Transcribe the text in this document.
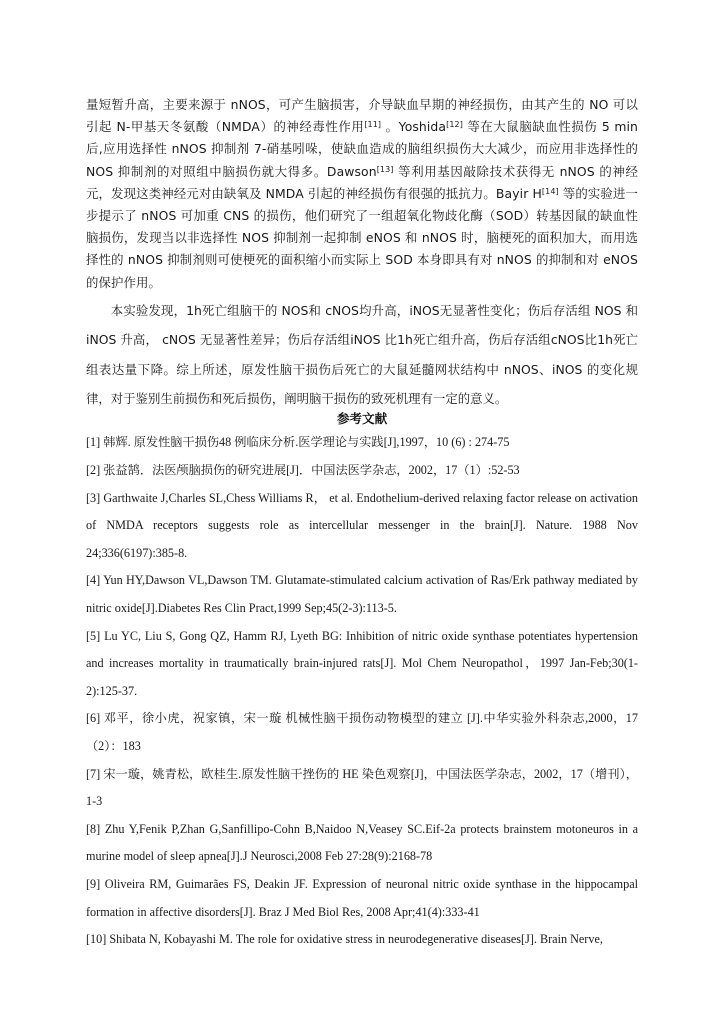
量短暂升高，主要来源于 nNOS，可产生脑损害，介导缺血早期的神经损伤，由其产生的 NO 可以引起 N-甲基天冬氨酸（NMDA）的神经毒性作用[11] 。Yoshida[12] 等在大鼠脑缺血性损伤 5 min 后,应用选择性 nNOS 抑制剂 7-硝基吲哚，使缺血造成的脑组织损伤大大减少，而应用非选择性的 NOS 抑制剂的对照组中脑损伤就大得多。Dawson[13] 等利用基因敲除技术获得无 nNOS 的神经元，发现这类神经元对由缺氧及 NMDA 引起的神经损伤有很强的抵抗力。Bayir H[14] 等的实验进一步提示了 nNOS 可加重 CNS 的损伤，他们研究了一组超氧化物歧化酶（SOD）转基因鼠的缺血性脑损伤，发现当以非选择性 NOS 抑制剂一起抑制 eNOS 和 nNOS 时，脑梗死的面积加大，而用选择性的 nNOS 抑制剂则可使梗死的面积缩小而实际上 SOD 本身即具有对 nNOS 的抑制和对 eNOS 的保护作用。

本实验发现，1h死亡组脑干的 NOS和 cNOS均升高，iNOS无显著性变化；伤后存活组 NOS 和 iNOS 升高， cNOS 无显著性差异；伤后存活组iNOS 比1h死亡组升高，伤后存活组cNOS比1h死亡组表达量下降。综上所述，原发性脑干损伤后死亡的大鼠延髓网状结构中 nNOS、iNOS 的变化规律，对于鉴别生前损伤和死后损伤，阐明脑干损伤的致死机理有一定的意义。

参考文献

[1] 韩辉. 原发性脑干损伤48 例临床分析.医学理论与实践[J],1997，10 (6) : 274-75

[2] 张益鹄．法医颅脑损伤的研究进展[J]．中国法医学杂志，2002，17（1）:52-53

[3] Garthwaite J,Charles SL,Chess Williams R， et al. Endothelium-derived relaxing factor release on activation of NMDA receptors suggests role as intercellular messenger in the brain[J]. Nature. 1988 Nov 24;336(6197):385-8.

[4] Yun HY,Dawson VL,Dawson TM. Glutamate-stimulated calcium activation of Ras/Erk pathway mediated by nitric oxide[J].Diabetes Res Clin Pract,1999 Sep;45(2-3):113-5.

[5] Lu YC, Liu S, Gong QZ, Hamm RJ, Lyeth BG: Inhibition of nitric oxide synthase potentiates hypertension and increases mortality in traumatically brain-injured rats[J]. Mol Chem Neuropathol，1997 Jan-Feb;30(1-2):125-37.

[6] 邓平，徐小虎，祝家镇，宋一璇 机械性脑干损伤动物模型的建立 [J].中华实验外科杂志,2000，17（2）：183

[7] 宋一璇，姚青松，欧桂生.原发性脑干挫伤的 HE 染色观察[J]，中国法医学杂志，2002，17（增刊），1-3

[8] Zhu Y,Fenik P,Zhan G,Sanfillipo-Cohn B,Naidoo N,Veasey SC.Eif-2a protects brainstem motoneuros in a murine model of sleep apnea[J].J Neurosci,2008 Feb 27:28(9):2168-78

[9] Oliveira RM, Guimarães FS, Deakin JF. Expression of neuronal nitric oxide synthase in the hippocampal formation in affective disorders[J]. Braz J Med Biol Res, 2008 Apr;41(4):333-41

[10] Shibata N, Kobayashi M. The role for oxidative stress in neurodegenerative diseases[J]. Brain Nerve,
